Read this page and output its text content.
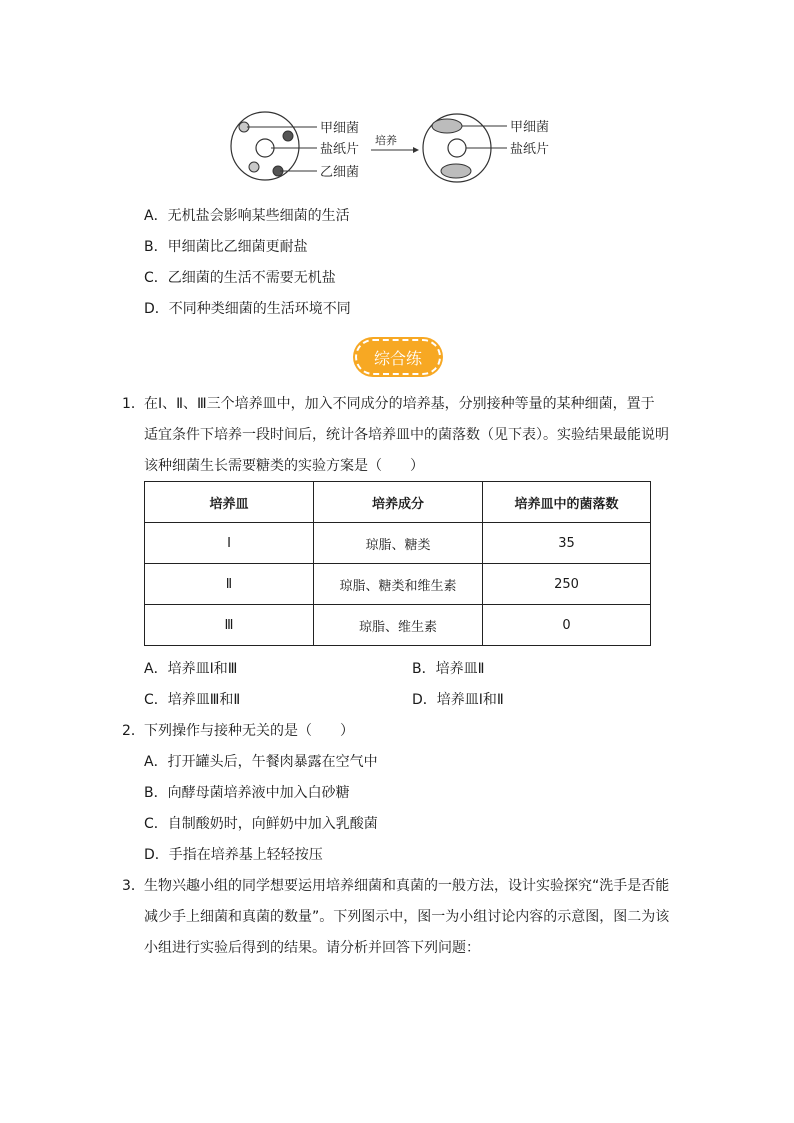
甲细菌
盐纸片
乙细菌
培养
甲细菌
盐纸片
A．无机盐会影响某些细菌的生活
B．甲细菌比乙细菌更耐盐
C．乙细菌的生活不需要无机盐
D．不同种类细菌的生活环境不同
综合练
1． 在Ⅰ、Ⅱ、Ⅲ三个培养皿中，加入不同成分的培养基，分别接种等量的某种细菌，置于
适宜条件下培养一段时间后，统计各培养皿中的菌落数（见下表）。实验结果最能说明
该种细菌生长需要糖类的实验方案是（　　）
培养皿	培养成分	培养皿中的菌落数
Ⅰ	琼脂、糖类	35
Ⅱ	琼脂、糖类和维生素	250
Ⅲ	琼脂、维生素	0
A．培养皿Ⅰ和Ⅲ	B．培养皿Ⅱ
C．培养皿Ⅲ和Ⅱ	D．培养皿Ⅰ和Ⅱ
2． 下列操作与接种无关的是（　　）
A．打开罐头后，午餐肉暴露在空气中
B．向酵母菌培养液中加入白砂糖
C．自制酸奶时，向鲜奶中加入乳酸菌
D．手指在培养基上轻轻按压
3． 生物兴趣小组的同学想要运用培养细菌和真菌的一般方法，设计实验探究“洗手是否能
减少手上细菌和真菌的数量”。下列图示中，图一为小组讨论内容的示意图，图二为该
小组进行实验后得到的结果。请分析并回答下列问题：
